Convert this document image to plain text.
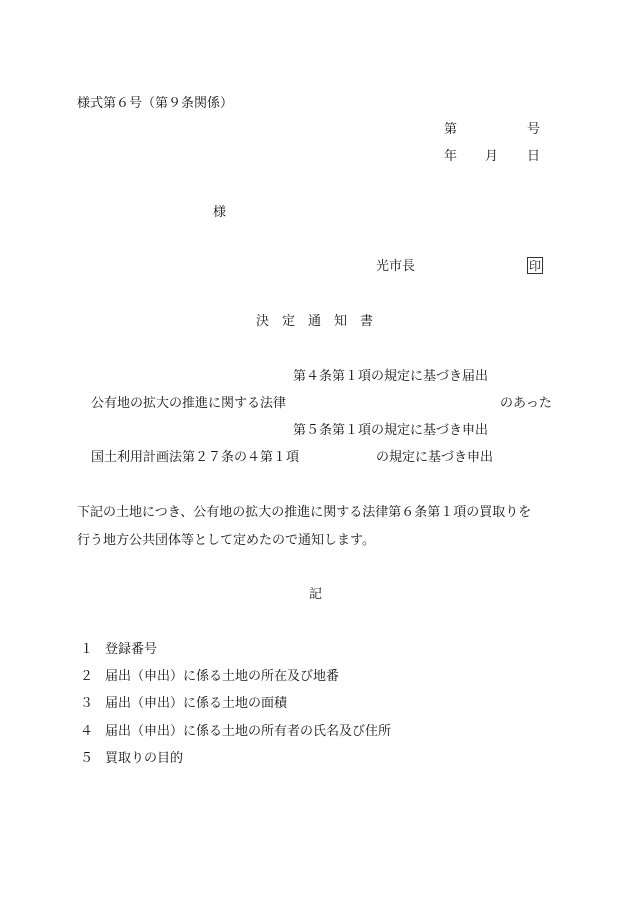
様式第６号（第９条関係）
第	号
年 月 日
様
光市長	印
決　定　通　知　書
第４条第１項の規定に基づき届出
公有地の拡大の推進に関する法律	のあった
第５条第１項の規定に基づき申出
国土利用計画法第２７条の４第１項	の規定に基づき申出
下記の土地につき、公有地の拡大の推進に関する法律第６条第１項の買取りを
行う地方公共団体等として定めたので通知します。
記
１ 登録番号
２ 届出（申出）に係る土地の所在及び地番
３ 届出（申出）に係る土地の面積
４ 届出（申出）に係る土地の所有者の氏名及び住所
５ 買取りの目的
